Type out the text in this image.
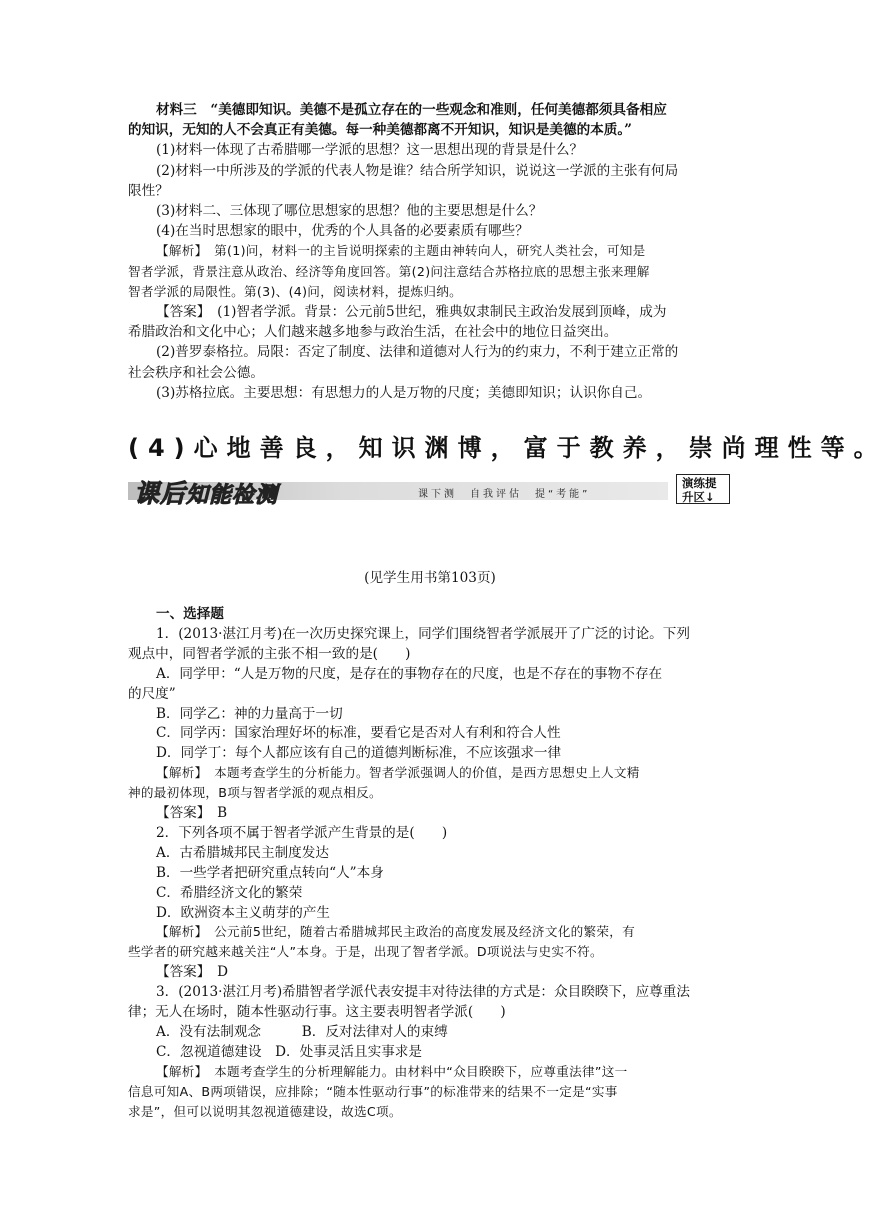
材料三　“美德即知识。美德不是孤立存在的一些观念和准则，任何美德都须具备相应
的知识，无知的人不会真正有美德。每一种美德都离不开知识，知识是美德的本质。”
(1)材料一体现了古希腊哪一学派的思想？这一思想出现的背景是什么？
(2)材料一中所涉及的学派的代表人物是谁？结合所学知识，说说这一学派的主张有何局
限性？
(3)材料二、三体现了哪位思想家的思想？他的主要思想是什么？
(4)在当时思想家的眼中，优秀的个人具备的必要素质有哪些？
【解析】　第(1)问，材料一的主旨说明探索的主题由神转向人，研究人类社会，可知是
智者学派，背景注意从政治、经济等角度回答。第(2)问注意结合苏格拉底的思想主张来理解
智者学派的局限性。第(3)、(4)问，阅读材料，提炼归纳。
【答案】　(1)智者学派。背景：公元前5世纪，雅典奴隶制民主政治发展到顶峰，成为
希腊政治和文化中心；人们越来越多地参与政治生活，在社会中的地位日益突出。
(2)普罗泰格拉。局限：否定了制度、法律和道德对人行为的约束力，不利于建立正常的
社会秩序和社会公德。
(3)苏格拉底。主要思想：有思想力的人是万物的尺度；美德即知识；认识你自己。
(4)心地善良，知识渊博，富于教养，崇尚理性等。
课后知能检测	课下测　自我评估　提“考能”
演练提
升区↓
(见学生用书第103页)
一、选择题
1．(2013·湛江月考)在一次历史探究课上，同学们围绕智者学派展开了广泛的讨论。下列
观点中，同智者学派的主张不相一致的是(　　)
A．同学甲：“人是万物的尺度，是存在的事物存在的尺度，也是不存在的事物不存在
的尺度”
B．同学乙：神的力量高于一切
C．同学丙：国家治理好坏的标准，要看它是否对人有利和符合人性
D．同学丁：每个人都应该有自己的道德判断标准，不应该强求一律
【解析】　本题考查学生的分析能力。智者学派强调人的价值，是西方思想史上人文精
神的最初体现，B项与智者学派的观点相反。
【答案】　B
2．下列各项不属于智者学派产生背景的是(　　)
A．古希腊城邦民主制度发达
B．一些学者把研究重点转向“人”本身
C．希腊经济文化的繁荣
D．欧洲资本主义萌芽的产生
【解析】　公元前5世纪，随着古希腊城邦民主政治的高度发展及经济文化的繁荣，有
些学者的研究越来越关注“人”本身。于是，出现了智者学派。D项说法与史实不符。
【答案】　D
3．(2013·湛江月考)希腊智者学派代表安提丰对待法律的方式是：众目睽睽下，应尊重法
律；无人在场时，随本性驱动行事。这主要表明智者学派(　　)
A．没有法制观念　　　B．反对法律对人的束缚
C．忽视道德建设　D．处事灵活且实事求是
【解析】　本题考查学生的分析理解能力。由材料中“众目睽睽下，应尊重法律”这一
信息可知A、B两项错误，应排除；“随本性驱动行事”的标准带来的结果不一定是“实事
求是”，但可以说明其忽视道德建设，故选C项。
